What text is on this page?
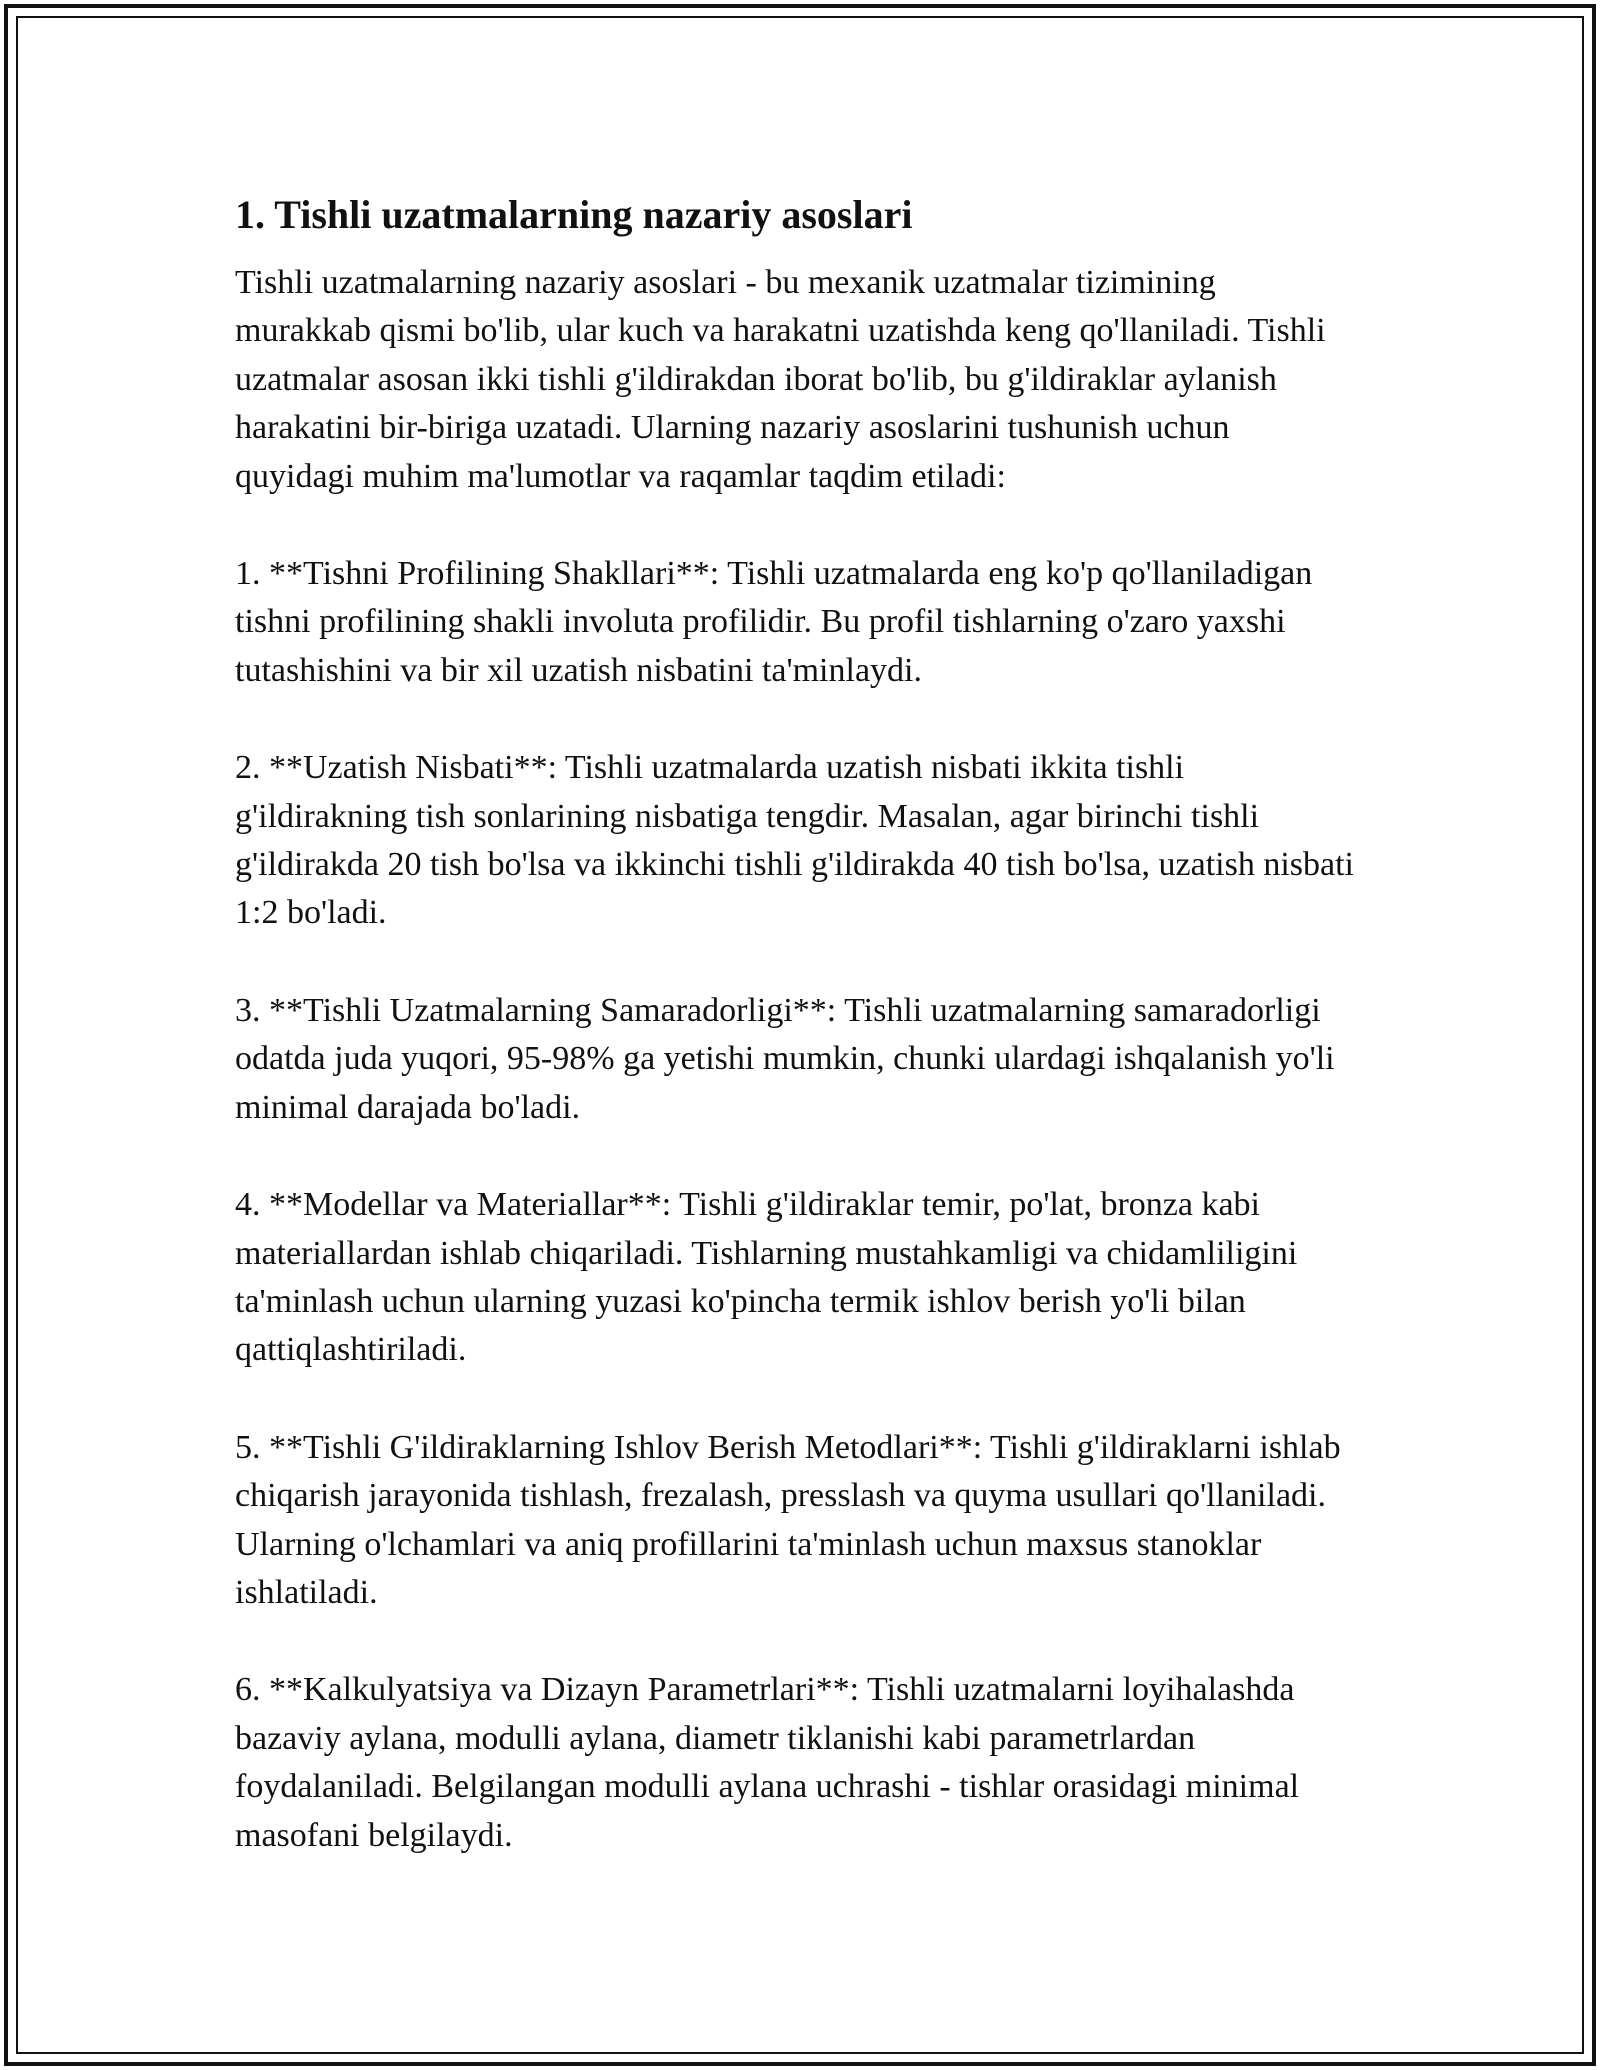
1. Tishli uzatmalarning nazariy asoslari

Tishli uzatmalarning nazariy asoslari - bu mexanik uzatmalar tizimining murakkab qismi bo'lib, ular kuch va harakatni uzatishda keng qo'llaniladi. Tishli uzatmalar asosan ikki tishli g'ildirakdan iborat bo'lib, bu g'ildiraklar aylanish harakatini bir-biriga uzatadi. Ularning nazariy asoslarini tushunish uchun quyidagi muhim ma'lumotlar va raqamlar taqdim etiladi:

1. **Tishni Profilining Shakllari**: Tishli uzatmalarda eng ko'p qo'llaniladigan tishni profilining shakli involuta profilidir. Bu profil tishlarning o'zaro yaxshi tutashishini va bir xil uzatish nisbatini ta'minlaydi.

2. **Uzatish Nisbati**: Tishli uzatmalarda uzatish nisbati ikkita tishli g'ildirakning tish sonlarining nisbatiga tengdir. Masalan, agar birinchi tishli g'ildirakda 20 tish bo'lsa va ikkinchi tishli g'ildirakda 40 tish bo'lsa, uzatish nisbati 1:2 bo'ladi.

3. **Tishli Uzatmalarning Samaradorligi**: Tishli uzatmalarning samaradorligi odatda juda yuqori, 95-98% ga yetishi mumkin, chunki ulardagi ishqalanish yo'li minimal darajada bo'ladi.

4. **Modellar va Materiallar**: Tishli g'ildiraklar temir, po'lat, bronza kabi materiallardan ishlab chiqariladi. Tishlarning mustahkamligi va chidamliligini ta'minlash uchun ularning yuzasi ko'pincha termik ishlov berish yo'li bilan qattiqlashtiriladi.

5. **Tishli G'ildiraklarning Ishlov Berish Metodlari**: Tishli g'ildiraklarni ishlab chiqarish jarayonida tishlash, frezalash, presslash va quyma usullari qo'llaniladi. Ularning o'lchamlari va aniq profillarini ta'minlash uchun maxsus stanoklar ishlatiladi.

6. **Kalkulyatsiya va Dizayn Parametrlari**: Tishli uzatmalarni loyihalashda bazaviy aylana, modulli aylana, diametr tiklanishi kabi parametrlardan foydalaniladi. Belgilangan modulli aylana uchrashi - tishlar orasidagi minimal masofani belgilaydi.
